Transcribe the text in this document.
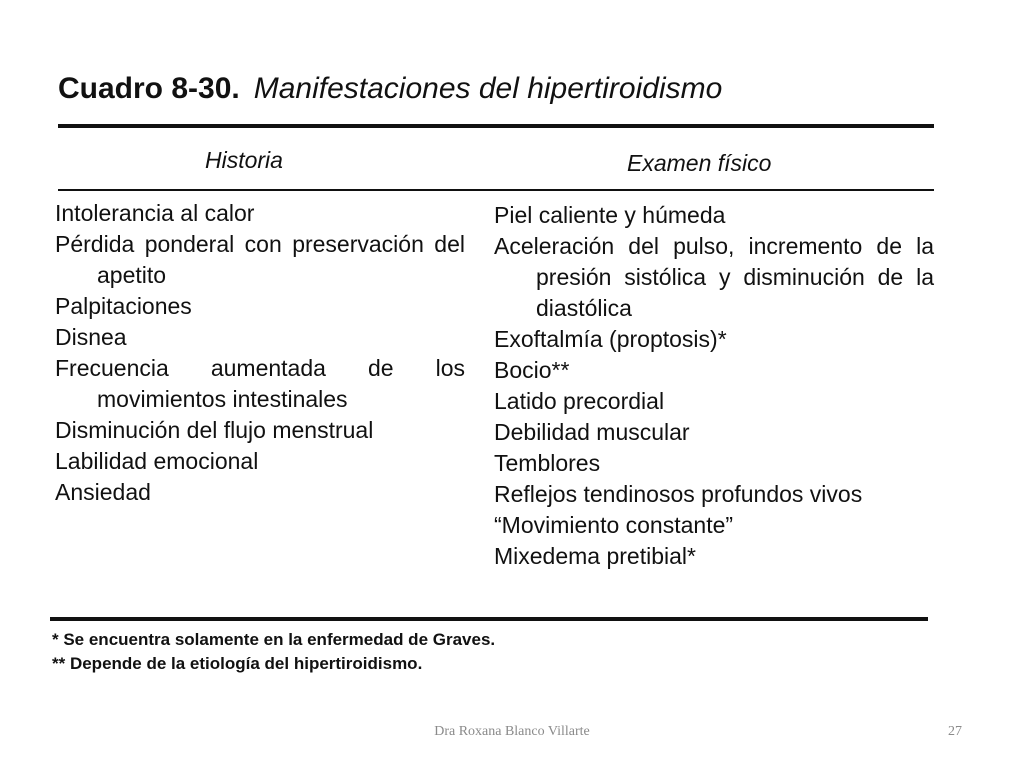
Cuadro 8-30. Manifestaciones del hipertiroidismo
Historia	Examen físico
Intolerancia al calor
Pérdida ponderal con preservación del apetito
Palpitaciones
Disnea
Frecuencia aumentada de los movimientos intestinales
Disminución del flujo menstrual
Labilidad emocional
Ansiedad
Piel caliente y húmeda
Aceleración del pulso, incremento de la presión sistólica y disminución de la diastólica
Exoftalmía (proptosis)*
Bocio**
Latido precordial
Debilidad muscular
Temblores
Reflejos tendinosos profundos vivos
“Movimiento constante”
Mixedema pretibial*
* Se encuentra solamente en la enfermedad de Graves.
** Depende de la etiología del hipertiroidismo.
Dra Roxana Blanco Villarte	27
